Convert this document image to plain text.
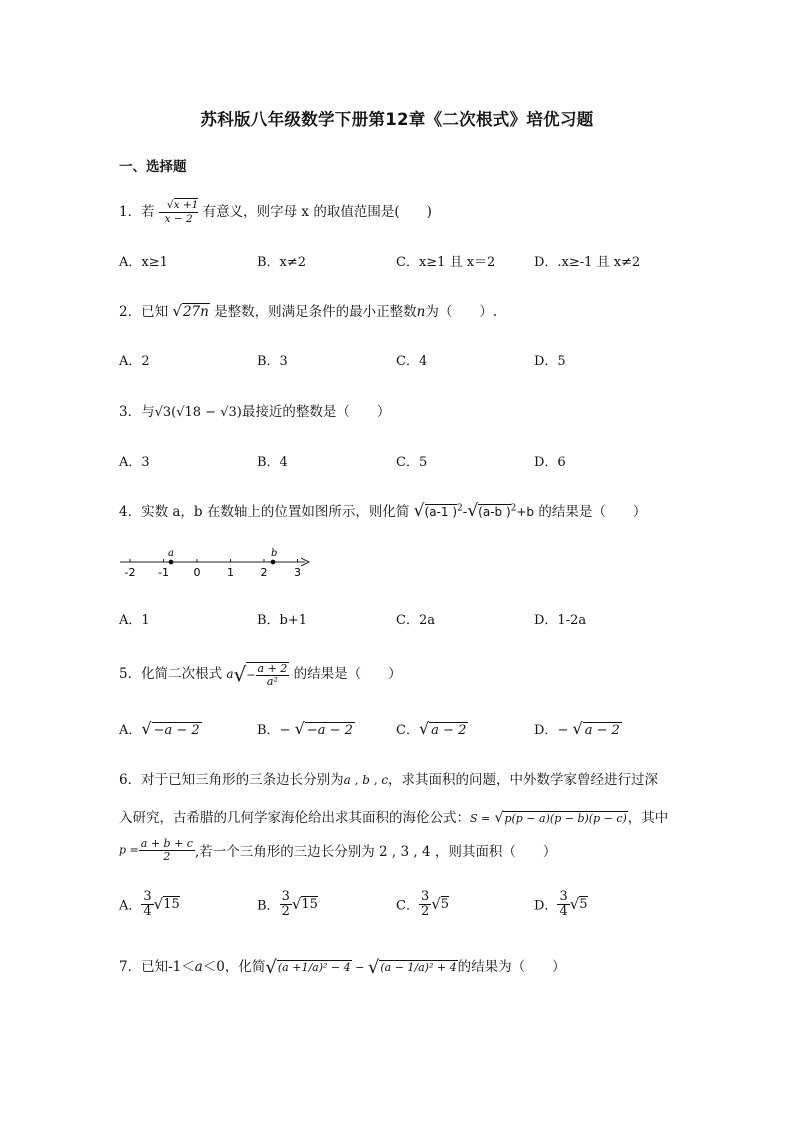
苏科版八年级数学下册第12章《二次根式》培优习题
一、选择题
1．若 $\frac{√x +1}{x - 2}$ 有意义，则字母 x 的取值范围是(　　)
A．x≥1	B．x≠2	C．x≥1 且 x＝2	D．.x≥-1 且 x≠2
2．已知 √27n 是整数，则满足条件的最小正整数n为（　　）.
A．2	B．3	C．4	D．5
3．与√3(√18 − √3)最接近的整数是（　　）
A．3	B．4	C．5	D．6
4．实数 a，b 在数轴上的位置如图所示，则化简 √(a-1 )$^2$-√(a-b )$^2$+b 的结果是（　　）
-2 -1 0 1 2 3
a	b
A．1	B．b+1	C．2a	D．1-2a
5．化简二次根式 $a√- \frac{a + 2}{\text{a²}}$ 的结果是（　　）
A．√ −a − 2	B．− √ −a − 2	C．√ a − 2	D．− √ a − 2
6．对于已知三角形的三条边长分别为a , b , c，求其面积的问题，中外数学家曾经进行过深
入研究，古希腊的几何学家海伦给出求其面积的海伦公式：S = √p(p − a)(p − b)(p − c)，其中
$p = \frac{a + b + c}{2}$ ,若一个三角形的三边长分别为 2 , 3 , 4 ，则其面积（　　）
A． $\frac{3}{4} √15$	B． $\frac{3}{2} √15$	C． $\frac{3}{2} √5$	D． $\frac{3}{4} √5$
7．已知-1＜a＜0，化简√(a +1/a)² − 4 − √(a − 1/a)² + 4的结果为（　　）
